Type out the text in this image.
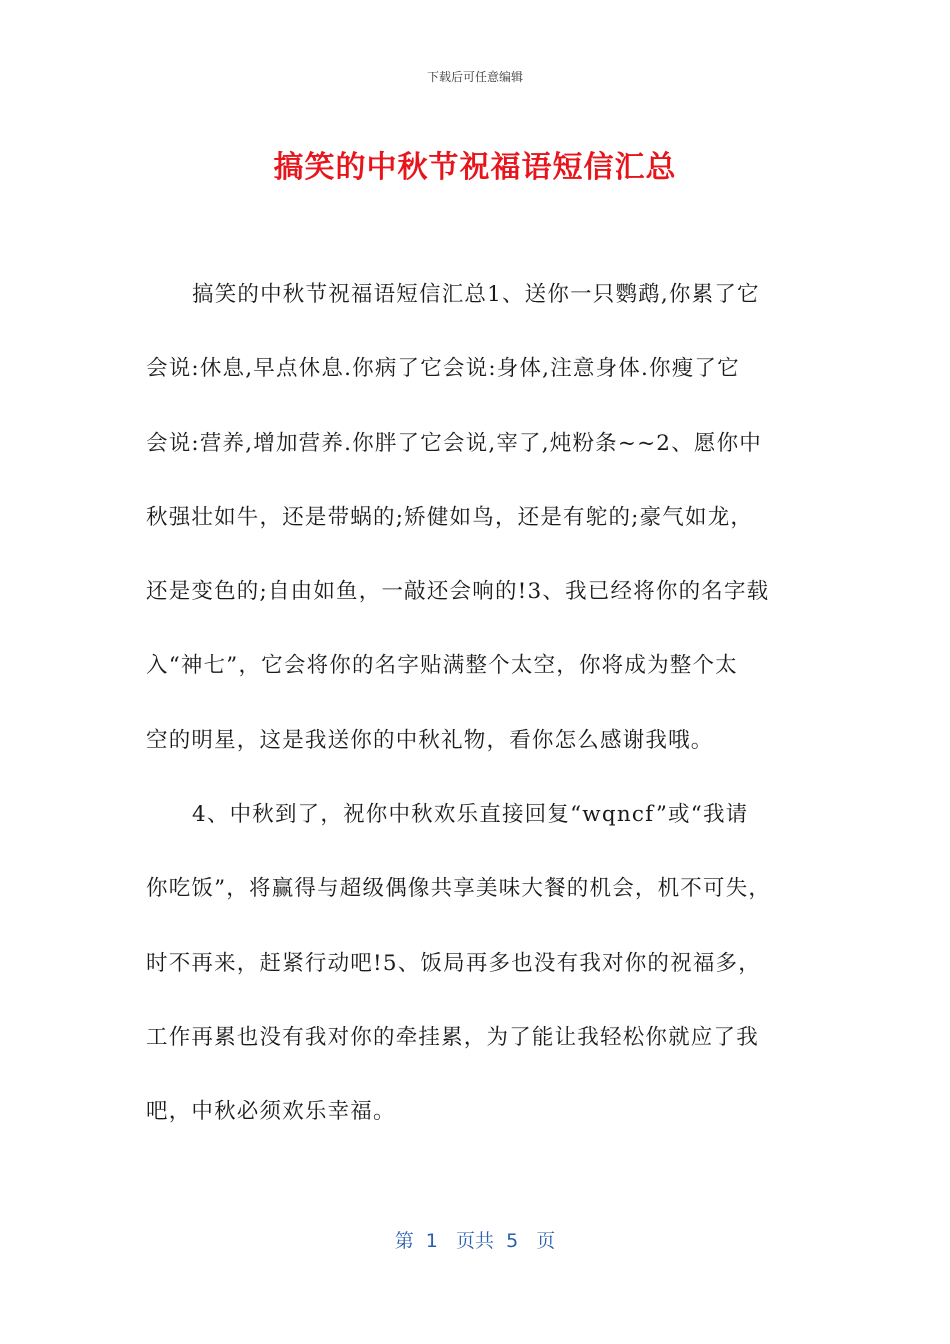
下载后可任意编辑
搞笑的中秋节祝福语短信汇总
搞笑的中秋节祝福语短信汇总1、送你一只鹦鹉,你累了它
会说:休息,早点休息.你病了它会说:身体,注意身体.你瘦了它
会说:营养,增加营养.你胖了它会说,宰了,炖粉条~~2、愿你中
秋强壮如牛，还是带蜗的;矫健如鸟，还是有鸵的;豪气如龙，
还是变色的;自由如鱼，一敲还会响的!3、我已经将你的名字载
入“神七”，它会将你的名字贴满整个太空，你将成为整个太
空的明星，这是我送你的中秋礼物，看你怎么感谢我哦。
4、中秋到了，祝你中秋欢乐直接回复“wqncf”或“我请
你吃饭”，将赢得与超级偶像共享美味大餐的机会，机不可失，
时不再来，赶紧行动吧!5、饭局再多也没有我对你的祝福多，
工作再累也没有我对你的牵挂累，为了能让我轻松你就应了我
吧，中秋必须欢乐幸福。
第  1   页共  5   页
